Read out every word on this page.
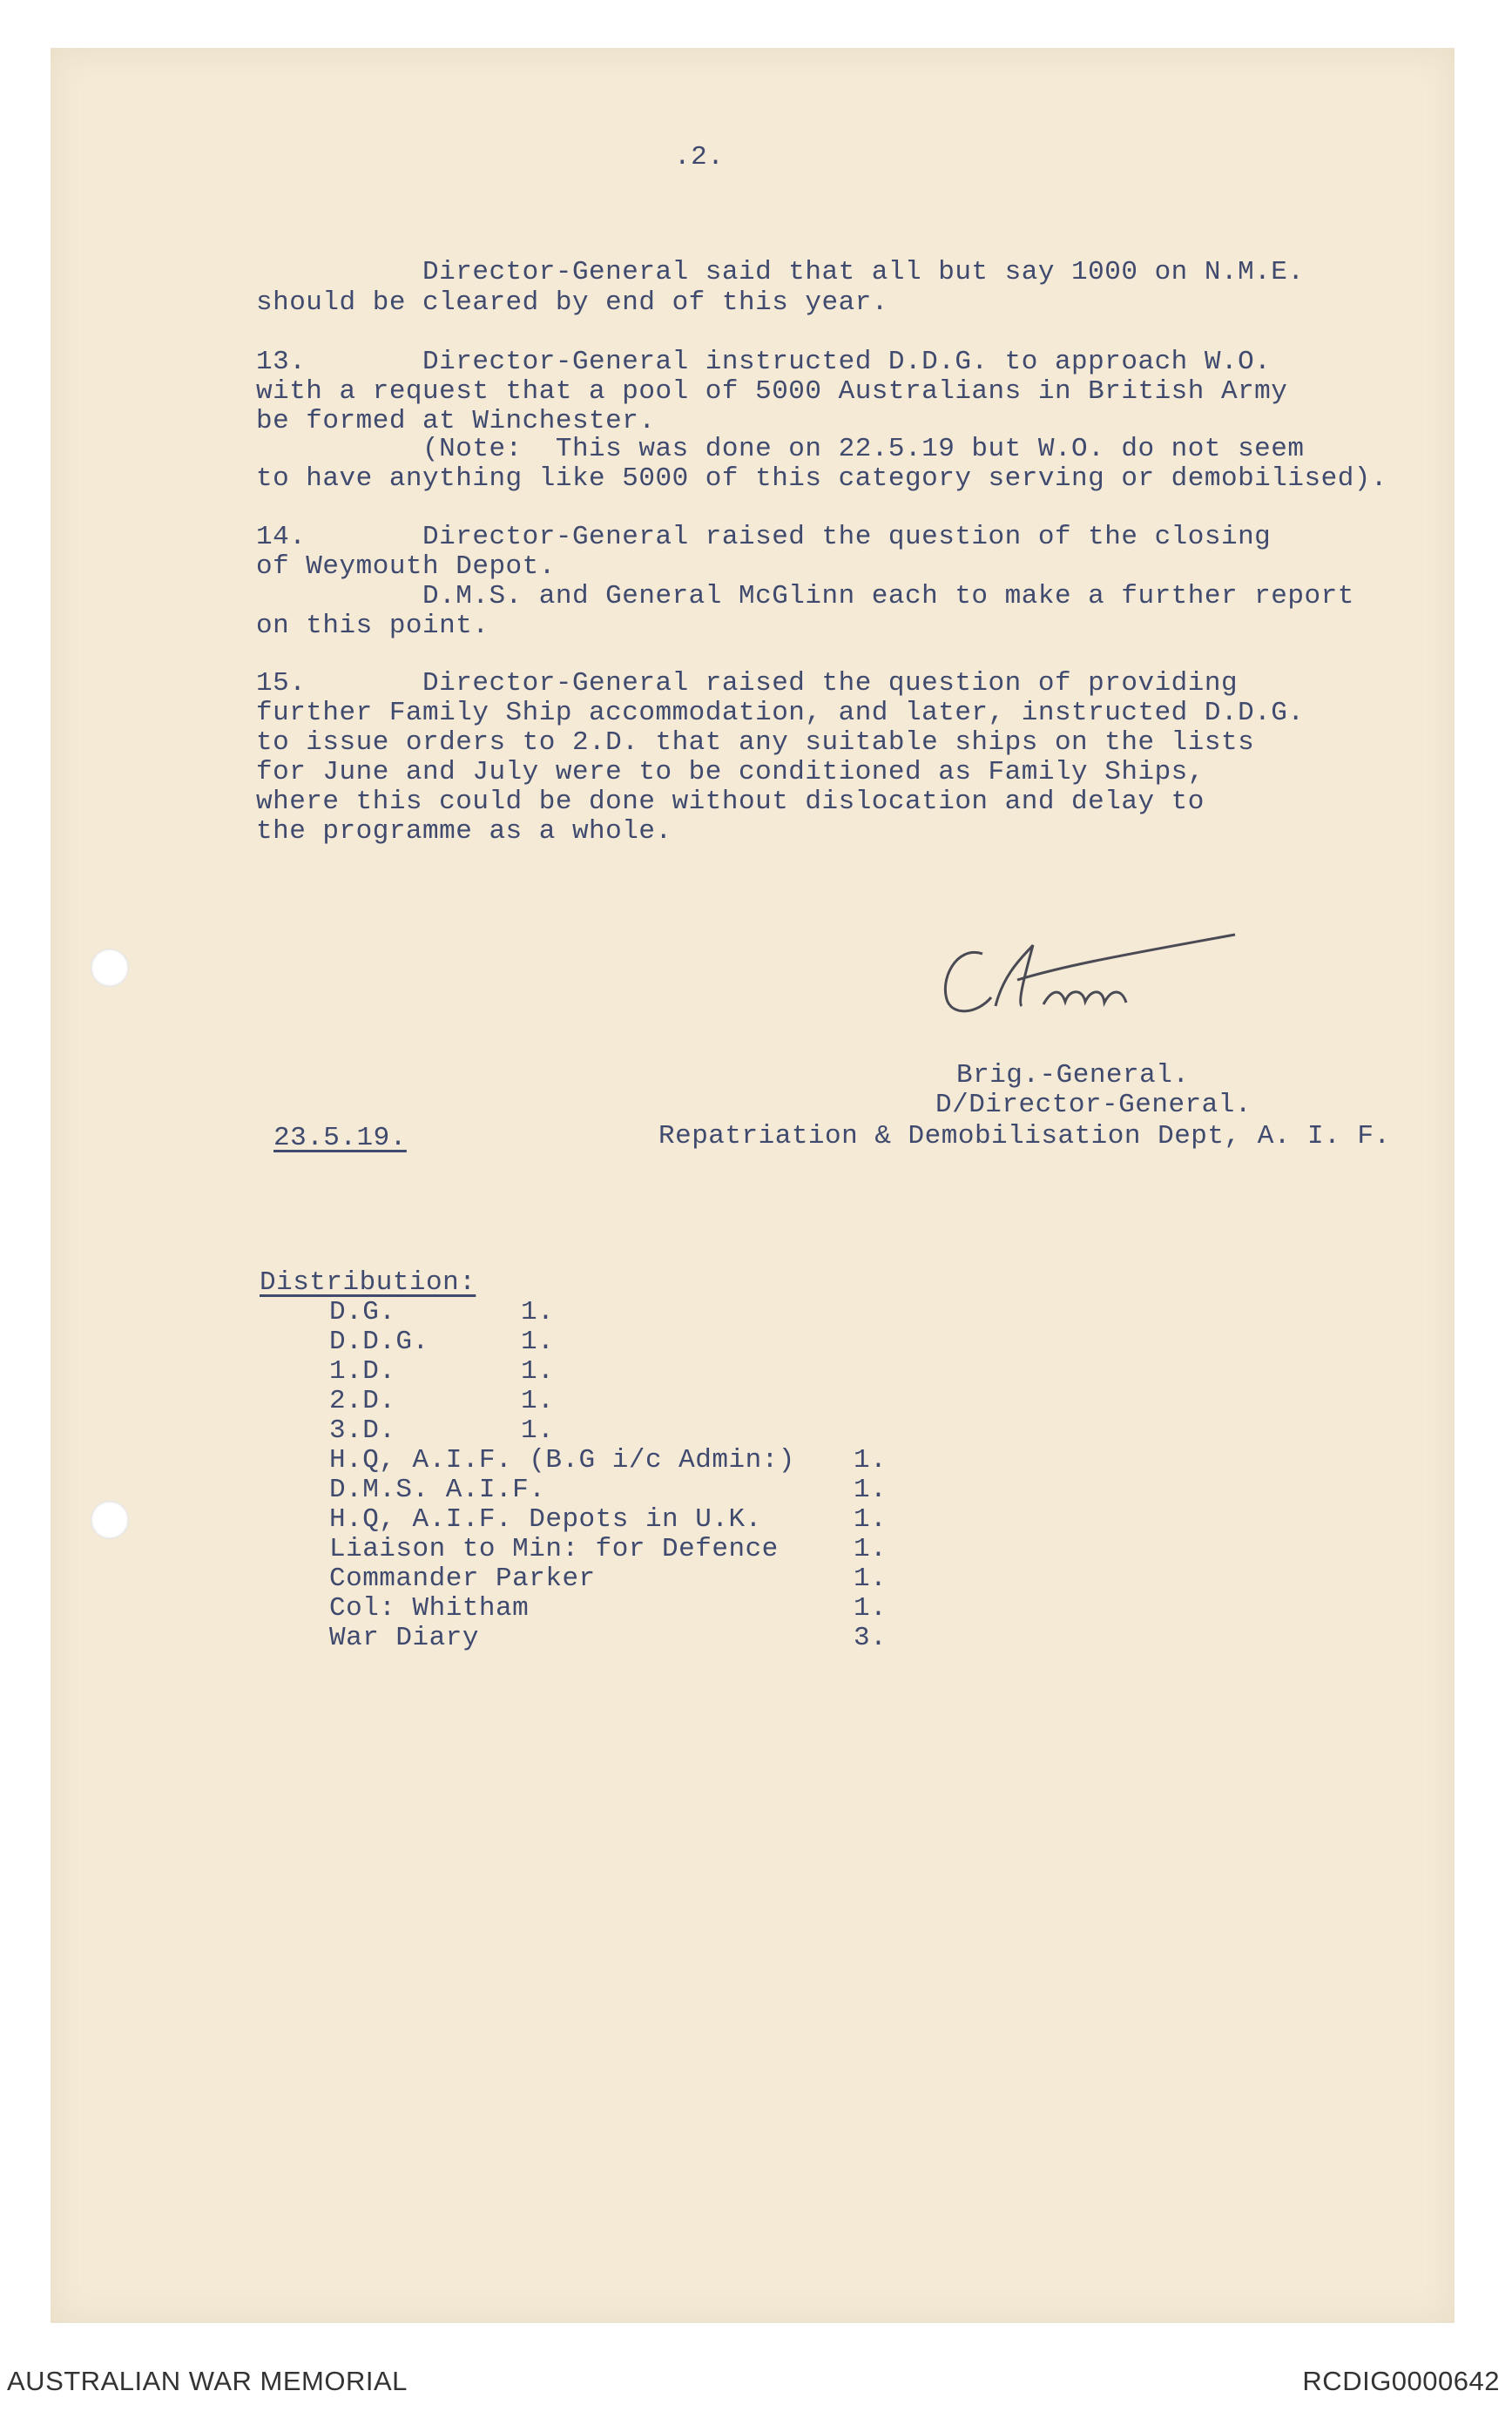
.2.
Director-General said that all but say 1000 on N.M.E.
should be cleared by end of this year.
13.       Director-General instructed D.D.G. to approach W.O.
with a request that a pool of 5000 Australians in British Army
be formed at Winchester.
(Note:  This was done on 22.5.19 but W.O. do not seem
to have anything like 5000 of this category serving or demobilised).
14.       Director-General raised the question of the closing
of Weymouth Depot.
D.M.S. and General McGlinn each to make a further report
on this point.
15.       Director-General raised the question of providing
further Family Ship accommodation, and later, instructed D.D.G.
to issue orders to 2.D. that any suitable ships on the lists
for June and July were to be conditioned as Family Ships,
where this could be done without dislocation and delay to
the programme as a whole.
Brig.-General.
D/Director-General.
23.5.19.	Repatriation & Demobilisation Dept, A. I. F.
Distribution:
D.G.	1.
D.D.G.	1.
1.D.	1.
2.D.	1.
3.D.	1.
H.Q, A.I.F. (B.G i/c Admin:) 1.
D.M.S. A.I.F.	1.
H.Q, A.I.F. Depots in U.K.	1.
Liaison to Min: for Defence	1.
Commander Parker	1.
Col: Whitham	1.
War Diary	3.
AUSTRALIAN WAR MEMORIAL	RCDIG0000642
